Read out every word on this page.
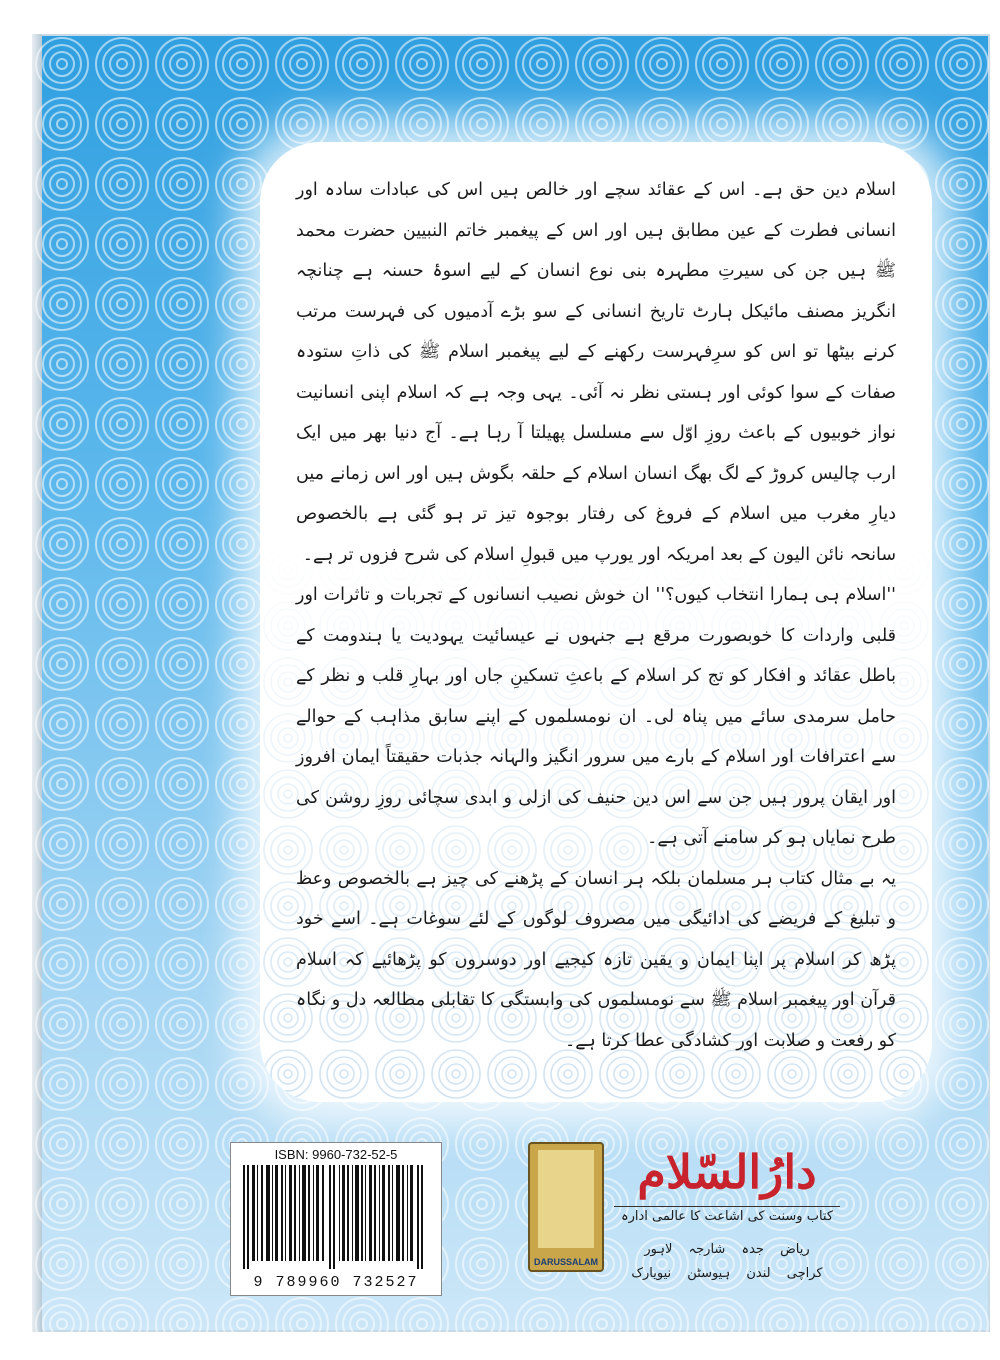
اسلام دین حق ہے۔ اس کے عقائد سچے اور خالص ہیں اس کی عبادات سادہ اور انسانی فطرت کے عین مطابق ہیں اور اس کے پیغمبر خاتم النبیین حضرت محمد ﷺ ہیں جن کی سیرتِ مطہرہ بنی نوع انسان کے لیے اسوۂ حسنہ ہے چنانچہ انگریز مصنف مائیکل ہارٹ تاریخ انسانی کے سو بڑے آدمیوں کی فہرست مرتب کرنے بیٹھا تو اس کو سرِفہرست رکھنے کے لیے پیغمبر اسلام ﷺ کی ذاتِ ستودہ صفات کے سوا کوئی اور ہستی نظر نہ آئی۔ یہی وجہ ہے کہ اسلام اپنی انسانیت نواز خوبیوں کے باعث روزِ اوّل سے مسلسل پھیلتا آ رہا ہے۔ آج دنیا بھر میں ایک ارب چالیس کروڑ کے لگ بھگ انسان اسلام کے حلقہ بگوش ہیں اور اس زمانے میں دیارِ مغرب میں اسلام کے فروغ کی رفتار بوجوہ تیز تر ہو گئی ہے بالخصوص سانحہ نائن الیون کے بعد امریکہ اور یورپ میں قبولِ اسلام کی شرح فزوں تر ہے۔

''اسلام ہی ہمارا انتخاب کیوں؟'' ان خوش نصیب انسانوں کے تجربات و تاثرات اور قلبی واردات کا خوبصورت مرقع ہے جنہوں نے عیسائیت یہودیت یا ہندومت کے باطل عقائد و افکار کو تج کر اسلام کے باعثِ تسکینِ جاں اور بہارِ قلب و نظر کے حامل سرمدی سائے میں پناہ لی۔ ان نومسلموں کے اپنے سابق مذاہب کے حوالے سے اعترافات اور اسلام کے بارے میں سرور انگیز والہانہ جذبات حقیقتاً ایمان افروز اور ایقان پرور ہیں جن سے اس دین حنیف کی ازلی و ابدی سچائی روزِ روشن کی طرح نمایاں ہو کر سامنے آتی ہے۔

یہ بے مثال کتاب ہر مسلمان بلکہ ہر انسان کے پڑھنے کی چیز ہے بالخصوص وعظ و تبلیغ کے فریضے کی ادائیگی میں مصروف لوگوں کے لئے سوغات ہے۔ اسے خود پڑھ کر اسلام پر اپنا ایمان و یقین تازہ کیجیے اور دوسروں کو پڑھائیے کہ اسلام قرآن اور پیغمبر اسلام ﷺ سے نومسلموں کی وابستگی کا تقابلی مطالعہ دل و نگاہ کو رفعت و صلابت اور کشادگی عطا کرتا ہے۔

ISBN: 9960-732-52-5
9 789960 732527
DARUSSALAM
دارُالسّلام
کتاب وسنت کی اشاعت کا عالمی ادارہ
ریاض جدہ شارجہ لاہور
کراچی لندن ہیوسٹن نیویارک
